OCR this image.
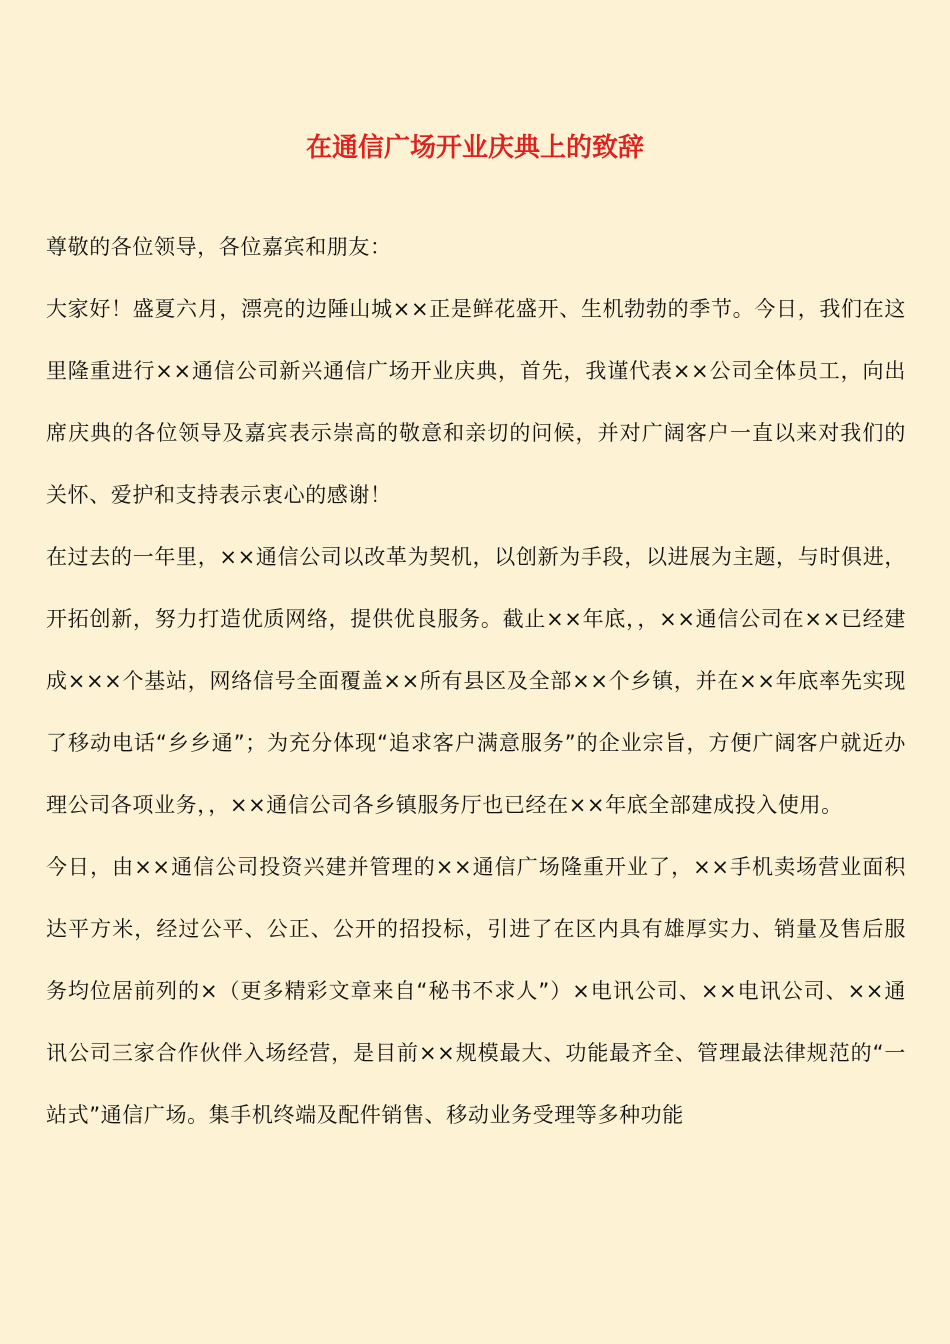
在通信广场开业庆典上的致辞

尊敬的各位领导，各位嘉宾和朋友：

大家好！盛夏六月，漂亮的边陲山城××正是鲜花盛开、生机勃勃的季节。今日，我们在这里隆重进行××通信公司新兴通信广场开业庆典，首先，我谨代表××公司全体员工，向出席庆典的各位领导及嘉宾表示崇高的敬意和亲切的问候，并对广阔客户一直以来对我们的关怀、爱护和支持表示衷心的感谢！

在过去的一年里，××通信公司以改革为契机，以创新为手段，以进展为主题，与时俱进，开拓创新，努力打造优质网络，提供优良服务。截止××年底，，××通信公司在××已经建成×××个基站，网络信号全面覆盖××所有县区及全部××个乡镇，并在××年底率先实现了移动电话“乡乡通”；为充分体现“追求客户满意服务”的企业宗旨，方便广阔客户就近办理公司各项业务，，××通信公司各乡镇服务厅也已经在××年底全部建成投入使用。

今日，由××通信公司投资兴建并管理的××通信广场隆重开业了，××手机卖场营业面积达平方米，经过公平、公正、公开的招投标，引进了在区内具有雄厚实力、销量及售后服务均位居前列的×（更多精彩文章来自“秘书不求人”）×电讯公司、××电讯公司、××通讯公司三家合作伙伴入场经营，是目前××规模最大、功能最齐全、管理最法律规范的“一站式”通信广场。集手机终端及配件销售、移动业务受理等多种功能
